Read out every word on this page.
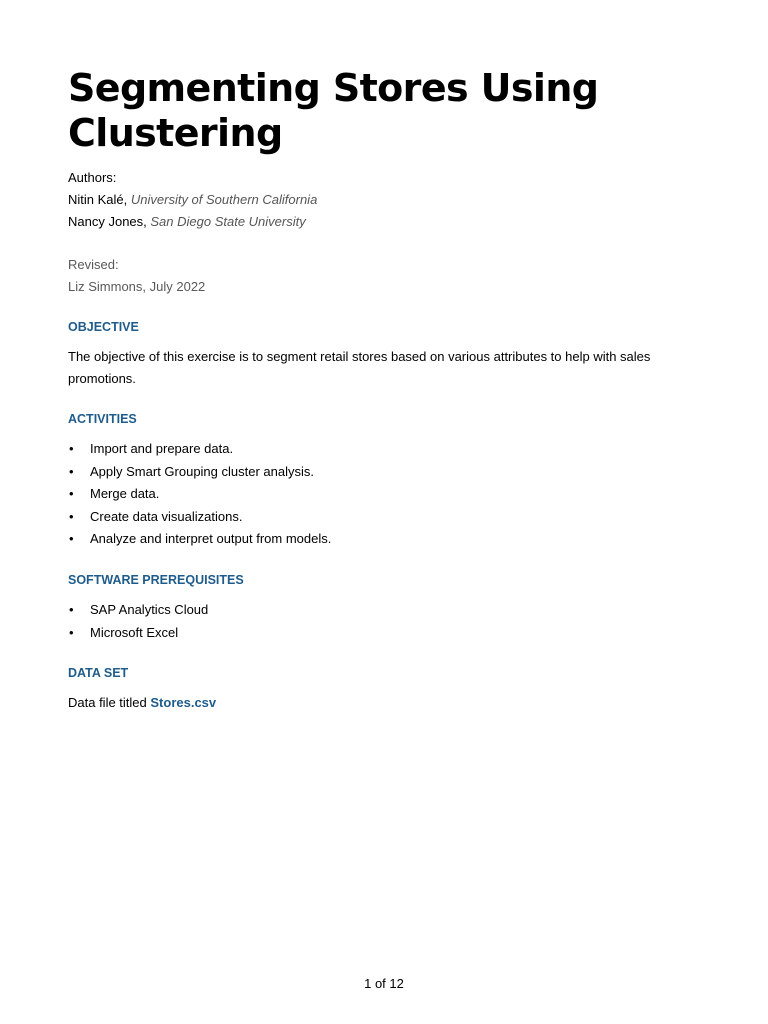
Segmenting Stores Using Clustering

Authors:

Nitin Kalé, University of Southern California

Nancy Jones, San Diego State University

Revised:

Liz Simmons, July 2022

OBJECTIVE

The objective of this exercise is to segment retail stores based on various attributes to help with sales promotions.

ACTIVITIES
• Import and prepare data.
• Apply Smart Grouping cluster analysis.
• Merge data.
• Create data visualizations.
• Analyze and interpret output from models.
SOFTWARE PREREQUISITES
• SAP Analytics Cloud
• Microsoft Excel
DATA SET

Data file titled Stores.csv

1 of 12
